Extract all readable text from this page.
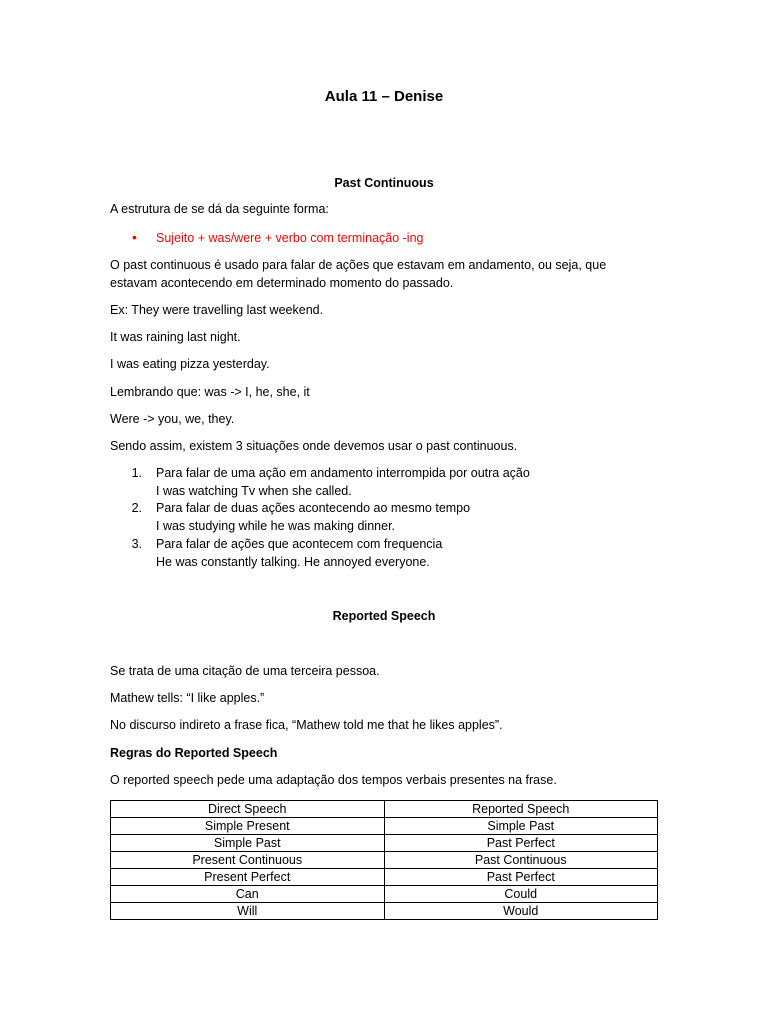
Aula 11 – Denise
Past Continuous
A estrutura de se dá da seguinte forma:
• Sujeito + was/were + verbo com terminação -ing
O past continuous é usado para falar de ações que estavam em andamento, ou seja, que
estavam acontecendo em determinado momento do passado.
Ex: They were travelling last weekend.
It was raining last night.
I was eating pizza yesterday.
Lembrando que: was -> I, he, she, it
Were -> you, we, they.
Sendo assim, existem 3 situações onde devemos usar o past continuous.
1. Para falar de uma ação em andamento interrompida por outra ação
I was watching Tv when she called.
2. Para falar de duas ações acontecendo ao mesmo tempo
I was studying while he was making dinner.
3. Para falar de ações que acontecem com frequencia
He was constantly talking. He annoyed everyone.
Reported Speech
Se trata de uma citação de uma terceira pessoa.
Mathew tells: “I like apples.”
No discurso indireto a frase fica, “Mathew told me that he likes apples”.
Regras do Reported Speech
O reported speech pede uma adaptação dos tempos verbais presentes na frase.
Direct Speech	Reported Speech
Simple Present	Simple Past
Simple Past	Past Perfect
Present Continuous	Past Continuous
Present Perfect	Past Perfect
Can	Could
Will	Would
